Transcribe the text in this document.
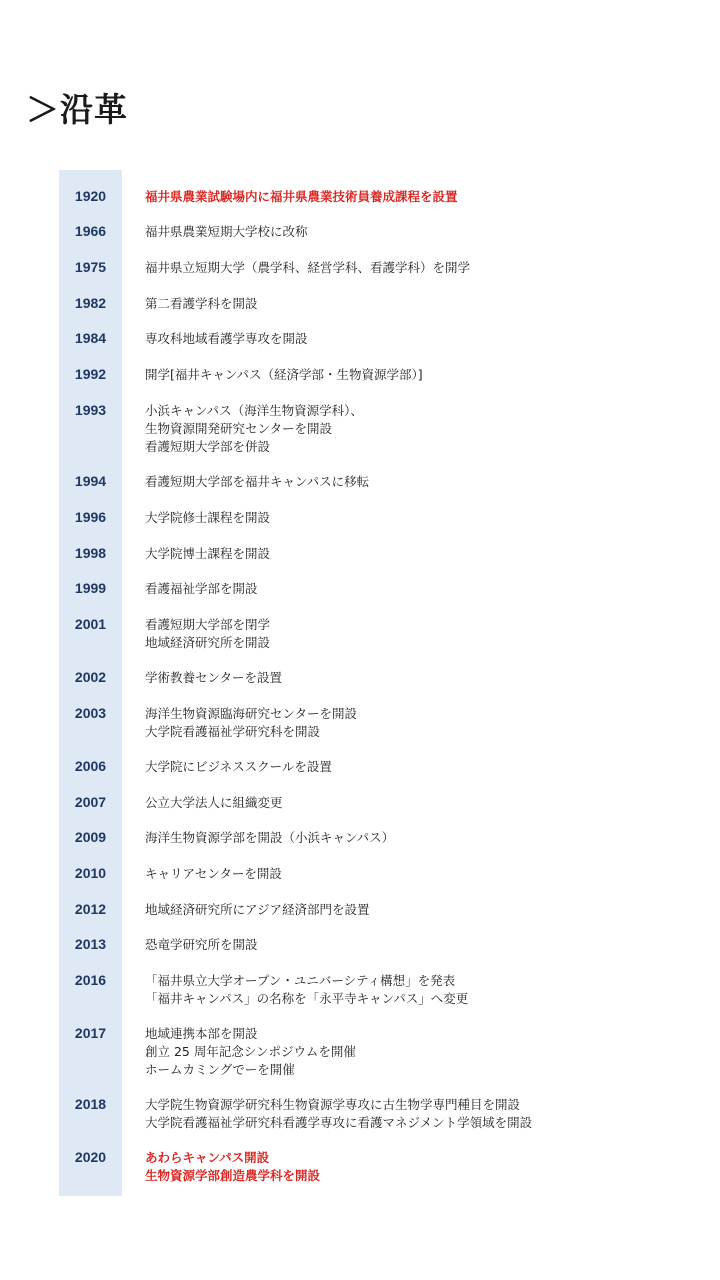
＞沿革
1920	福井県農業試験場内に福井県農業技術員養成課程を設置
1966	福井県農業短期大学校に改称
1975	福井県立短期大学（農学科、経営学科、看護学科）を開学
1982	第二看護学科を開設
1984	専攻科地域看護学専攻を開設
1992	開学[福井キャンパス（経済学部・生物資源学部）]
1993	小浜キャンパス（海洋生物資源学科）、
生物資源開発研究センターを開設
看護短期大学部を併設
1994	看護短期大学部を福井キャンパスに移転
1996	大学院修士課程を開設
1998	大学院博士課程を開設
1999	看護福祉学部を開設
2001	看護短期大学部を閉学
地域経済研究所を開設
2002	学術教養センターを設置
2003	海洋生物資源臨海研究センターを開設
大学院看護福祉学研究科を開設
2006	大学院にビジネススクールを設置
2007	公立大学法人に組織変更
2009	海洋生物資源学部を開設（小浜キャンパス）
2010	キャリアセンターを開設
2012	地域経済研究所にアジア経済部門を設置
2013	恐竜学研究所を開設
2016	「福井県立大学オープン・ユニバーシティ構想」を発表
「福井キャンパス」の名称を「永平寺キャンパス」へ変更
2017	地域連携本部を開設
創立 25 周年記念シンポジウムを開催
ホームカミングでーを開催
2018	大学院生物資源学研究科生物資源学専攻に古生物学専門種目を開設
大学院看護福祉学研究科看護学専攻に看護マネジメント学領域を開設
2020	あわらキャンパス開設
生物資源学部創造農学科を開設
